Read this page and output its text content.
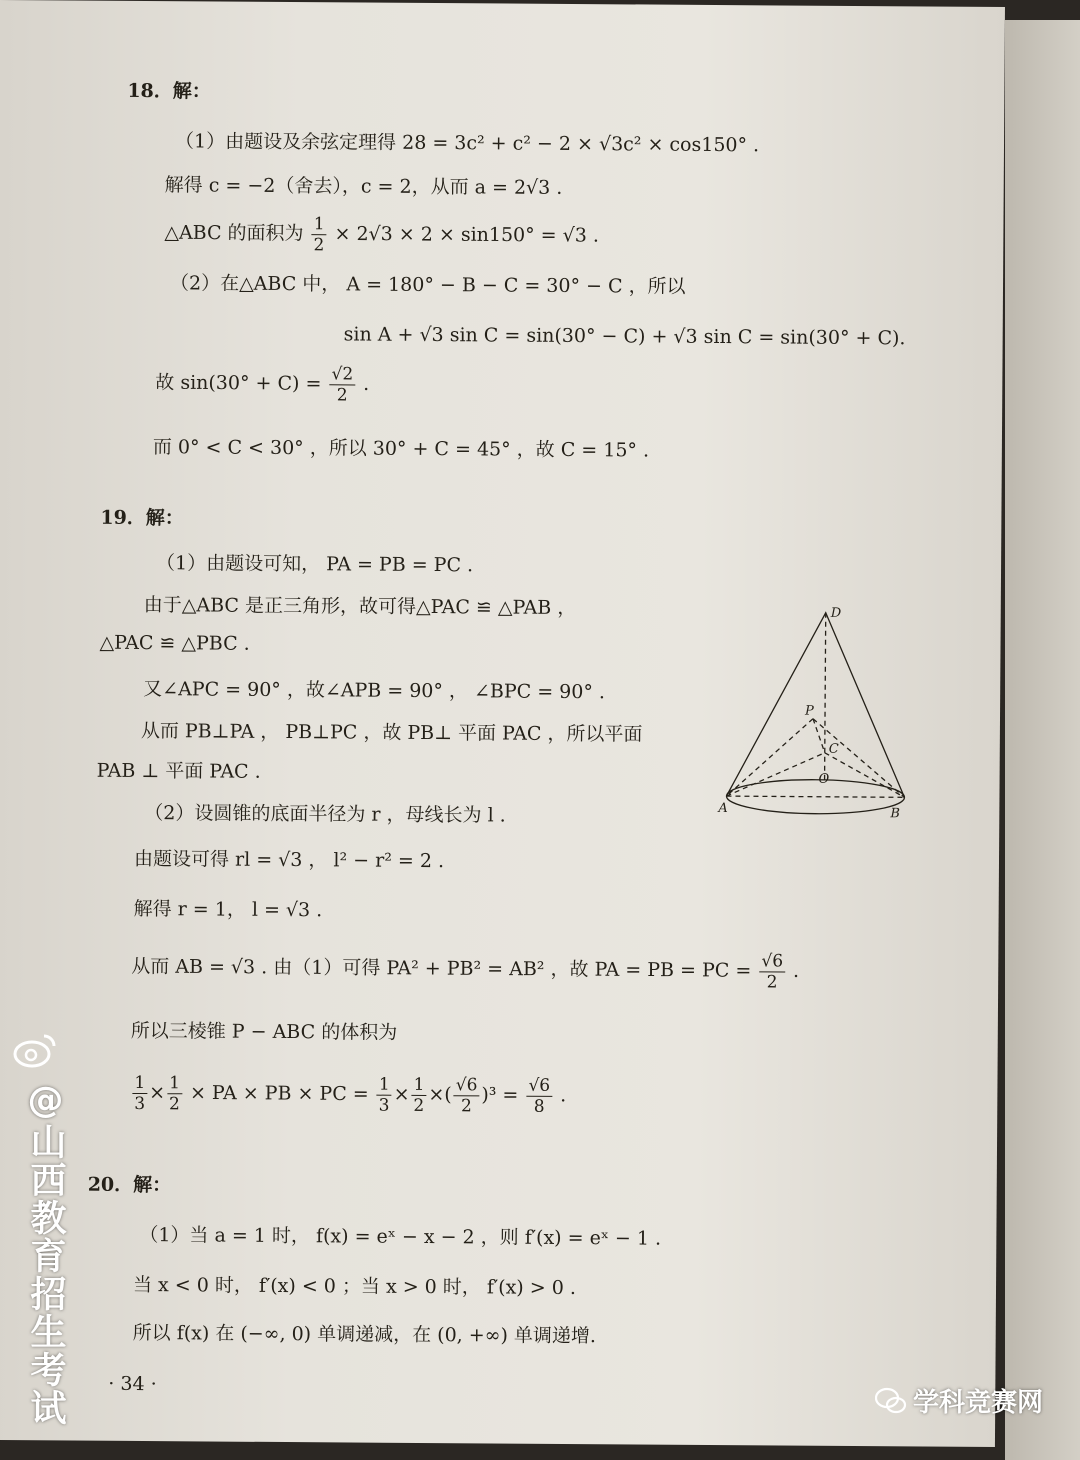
18．解：
（1）由题设及余弦定理得 28 = 3c² + c² − 2 × √3c² × cos150° .
解得 c = −2（舍去），c = 2，从而 a = 2√3 .
△ABC 的面积为 $\frac{1}{2} \times 2√3 \times 2 \times \sin 150^\circ = √3$ .
（2）在△ABC 中， A = 180° − B − C = 30° − C ，所以
sin A + √3 sin C = sin(30° − C) + √3 sin C = sin(30° + C).
故 $\sin(30^\circ + C) = \frac{√2}{2}$ .
而 0° < C < 30° ，所以 30° + C = 45° ，故 C = 15° .
19．解：
（1）由题设可知， PA = PB = PC .
由于△ABC 是正三角形，故可得△PAC ≌ △PAB ，
△PAC ≌ △PBC .
又∠APC = 90° ，故∠APB = 90° ， ∠BPC = 90° .
从而 PB⊥PA ， PB⊥PC ，故 PB⊥ 平面 PAC ，所以平面
PAB ⊥ 平面 PAC .
（2）设圆锥的底面半径为 r ，母线长为 l .
由题设可得 rl = √3 ， l² − r² = 2 .
解得 r = 1， l = √3 .
从而 AB = √3 . 由（1）可得 PA² + PB² = AB² ，故 PA = PB = PC = $\frac{√6}{2}$ .
所以三棱锥 P − ABC 的体积为
$\frac{1}{3} \times \frac{1}{2}$ × PA × PB × PC = $\frac{1}{3} \times \frac{1}{2}$ ×( $\frac{√6}{2} )^3 = \frac{√6}{8}$ .
20．解：
（1）当 a = 1 时， f(x) = eˣ − x − 2 ，则 f′(x) = eˣ − 1 .
当 x < 0 时， f′(x) < 0 ；当 x > 0 时， f′(x) > 0 .
所以 f(x) 在 (−∞, 0) 单调递减，在 (0, +∞) 单调递增.
· 34 ·
D
P
C
O
A	B
@山西教育招生考试	学科竞赛网
